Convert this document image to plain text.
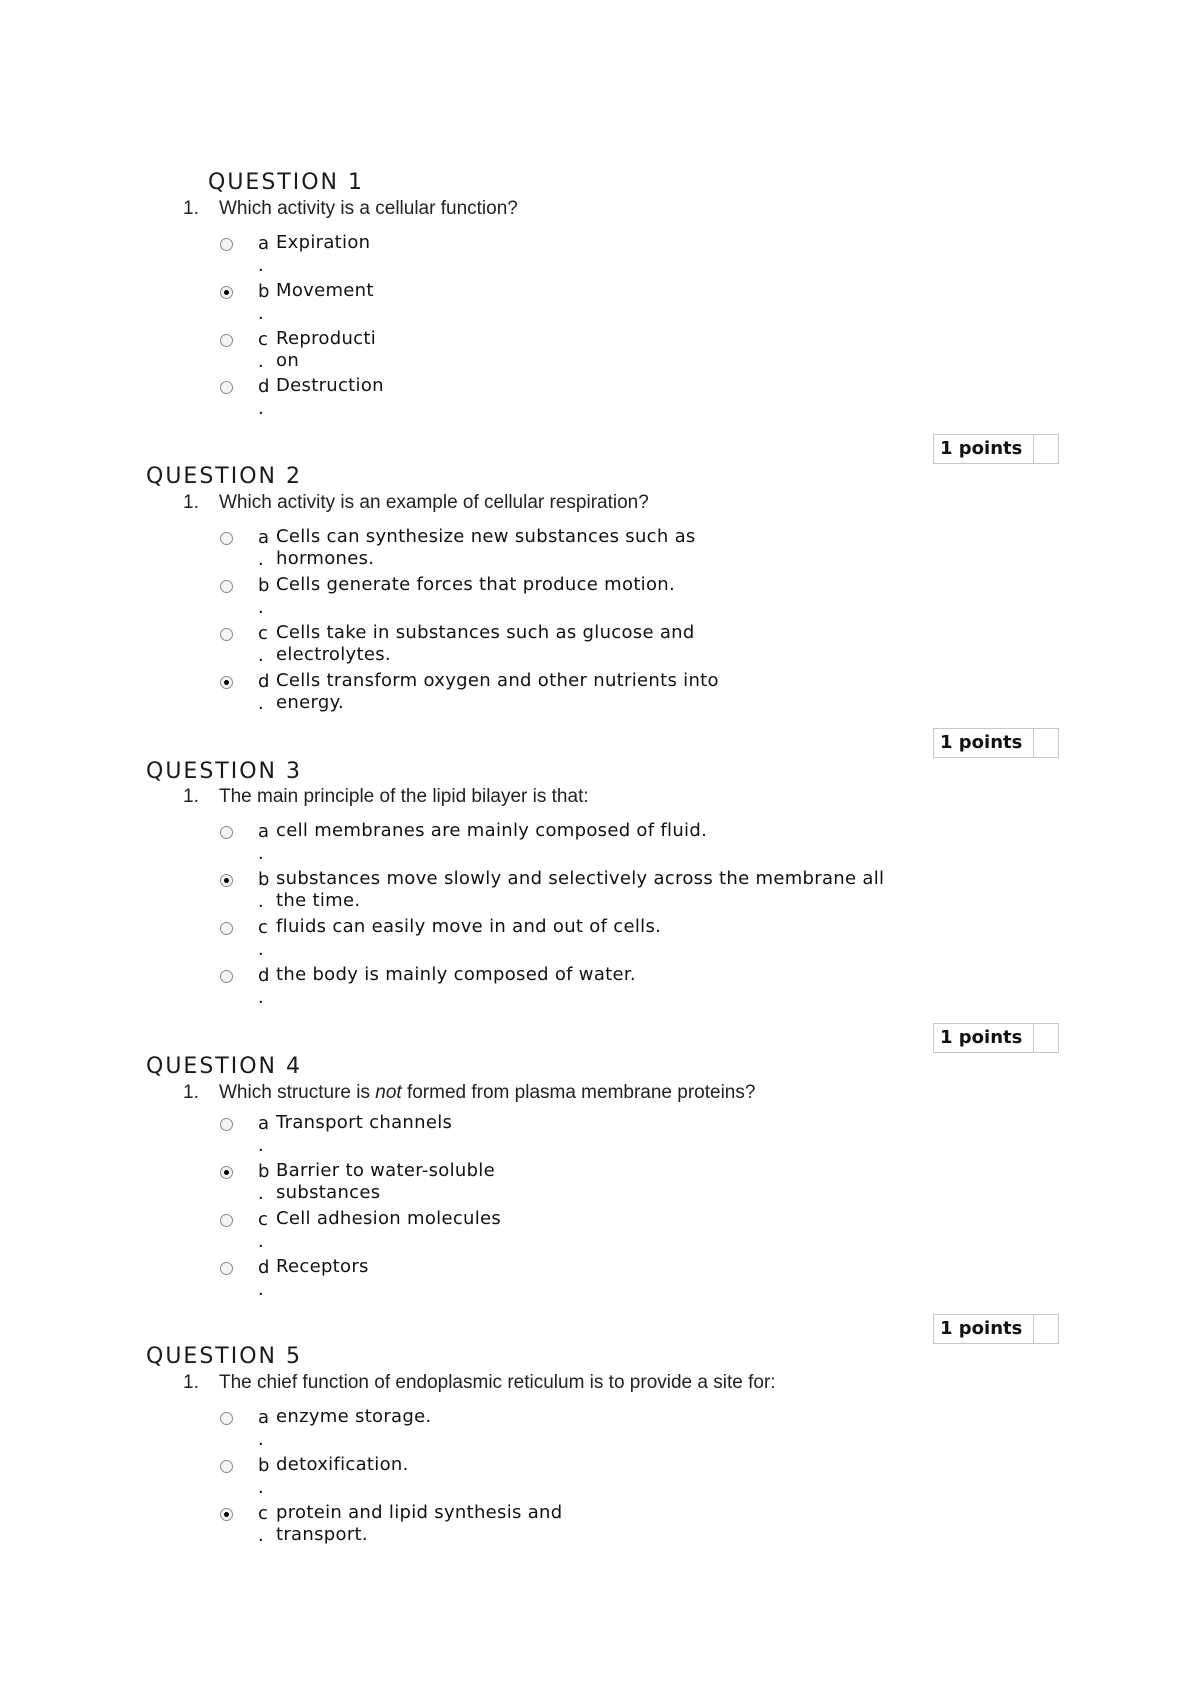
QUESTION 1
1. Which activity is a cellular function?
a
.
Expiration
b
.
Movement
c
.
Reproducti on
d
.
Destruction
1 points
QUESTION 2
1. Which activity is an example of cellular respiration?
a
.
Cells can synthesize new substances such as hormones.
b
.
Cells generate forces that produce motion.
c
.
Cells take in substances such as glucose and electrolytes.
d
.
Cells transform oxygen and other nutrients into energy.
1 points
QUESTION 3
1. The main principle of the lipid bilayer is that:
a
.
cell membranes are mainly composed of fluid.
b
.
substances move slowly and selectively across the membrane all the time.
c
.
fluids can easily move in and out of cells.
d
.
the body is mainly composed of water.
1 points
QUESTION 4
1. Which structure is not formed from plasma membrane proteins?
a
.
Transport channels
b
.
Barrier to water-soluble substances
c
.
Cell adhesion molecules
d
.
Receptors
1 points
QUESTION 5
1. The chief function of endoplasmic reticulum is to provide a site for:
a
.
enzyme storage.
b
.
detoxification.
c
.
protein and lipid synthesis and transport.
